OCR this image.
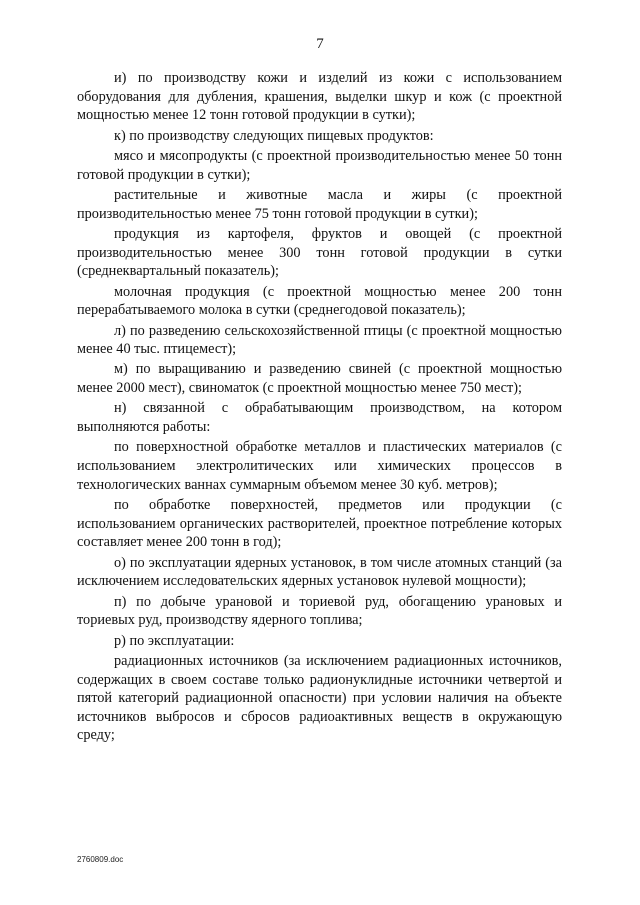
7

и) по производству кожи и изделий из кожи с использованием оборудования для дубления, крашения, выделки шкур и кож (с проектной мощностью менее 12 тонн готовой продукции в сутки);

к) по производству следующих пищевых продуктов:

мясо и мясопродукты (с проектной производительностью менее 50 тонн готовой продукции в сутки);

растительные и животные масла и жиры (с проектной производительностью менее 75 тонн готовой продукции в сутки);

продукция из картофеля, фруктов и овощей (с проектной производительностью менее 300 тонн готовой продукции в сутки (среднеквартальный показатель);

молочная продукция (с проектной мощностью менее 200 тонн перерабатываемого молока в сутки (среднегодовой показатель);

л) по разведению сельскохозяйственной птицы (с проектной мощностью менее 40 тыс. птицемест);

м) по выращиванию и разведению свиней (с проектной мощностью менее 2000 мест), свиноматок (с проектной мощностью менее 750 мест);

н) связанной с обрабатывающим производством, на котором выполняются работы:

по поверхностной обработке металлов и пластических материалов (с использованием электролитических или химических процессов в технологических ваннах суммарным объемом менее 30 куб. метров);

по обработке поверхностей, предметов или продукции (с использованием органических растворителей, проектное потребление которых составляет менее 200 тонн в год);

о) по эксплуатации ядерных установок, в том числе атомных станций (за исключением исследовательских ядерных установок нулевой мощности);

п) по добыче урановой и ториевой руд, обогащению урановых и ториевых руд, производству ядерного топлива;

р) по эксплуатации:

радиационных источников (за исключением радиационных источников, содержащих в своем составе только радионуклидные источники четвертой и пятой категорий радиационной опасности) при условии наличия на объекте источников выбросов и сбросов радиоактивных веществ в окружающую среду;

2760809.doc
